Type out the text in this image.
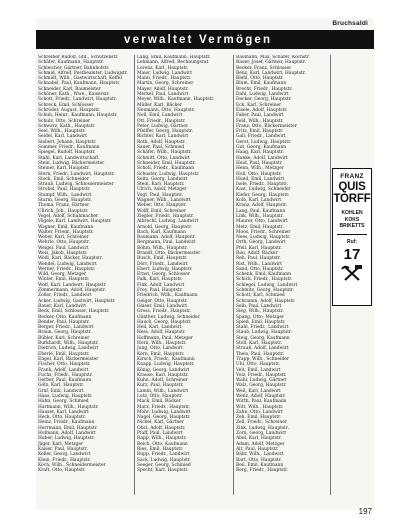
Bruchsaldi
verwaltet Vermögen
Schreiber Rudolf, Gfd., Schützenstr.
Schäfer, Kaufmann, Hauptstr.
Schleicher, Gärtner, Bahnhofstr.
Schmid, Alfred, Postbeamter, Ludwigstr.
Schmidt, Wilh., Gastwirtschaft, Keffel
Schnabel, Paul, Kaufmann, Hauptstr.
Schneider, Karl, Baumeister
Schöner, Kath., Wwe., Kaiserstr.
Schott, Friedr., Landwirt, Hauptstr.
Schreck, Emil, Schlosser
Schröder, August, Hauptstr.
Schuh, Heinr., Kaufmann, Hauptstr.
Schulz, Otto, Schreiner
Schwarz, Kath., Hauptstr.
Seel, Wilh., Hauptstr.
Seidel, Karl, Landwirt
Siebert, Johann, Hauptstr.
Sommer, Friedr., Kaufmann
Spiegel, Rudolf, Hauptstr.
Stahl, Karl, Landwirtschaft
Stein, Ludwig, Bäckermeister
Steiner, Karl, Hauptstr.
Stern, Friedr., Landwirt, Hauptstr.
Stock, Emil, Schneider
Straub, Ludwig, Schlossermeister
Strobel, Paul, Hauptstr.
Stumpf, Wilh., Landwirt
Sturm, Georg, Hauptstr.
Thoma, Franz, Gärtner
Ullrich, Joh., Hauptstr.
Vogel, Adolf, Schuhmacher
Vögele, Karl, Landwirt, Hauptstr.
Wagner, Emil, Kaufmann
Walter, Friedr., Hauptstr.
Weber, Karl, Schreiner
Wehrle, Otto, Hauptstr.
Weigel, Paul, Landwirt
Weis, Jakob, Hauptstr.
Weiß, Karl, Bäcker, Hauptstr.
Wendel, Ludwig, Landwirt
Werner, Friedr., Hauptstr.
Wild, Georg, Metzger
Winter, Emil, Hauptstr.
Wolf, Karl, Landwirt, Hauptstr.
Zimmermann, Adolf, Hauptstr.
Zoller, Friedr., Landwirt
Acker, Ludwig, Gastwirt, Hauptstr.
Bauer, Karl, Landwirt
Beck, Emil, Schlosser, Hauptstr.
Becker, Otto, Kaufmann
Bender, Paul, Hauptstr.
Berger, Friedr., Landwirt
Braun, Georg, Hauptstr.
Bühler, Karl, Schreiner
Burkhardt, Wilh., Hauptstr.
Dietrich, Ludwig, Landwirt
Eberle, Emil, Hauptstr.
Engel, Karl, Bäckermeister
Fischer, Otto, Hauptstr.
Frank, Adolf, Landwirt
Fuchs, Friedr., Hauptstr.
Gerber, Paul, Kaufmann
Götz, Karl, Hauptstr.
Graf, Emil, Landwirt
Haas, Ludwig, Hauptstr.
Hahn, Georg, Schmied
Hartmann, Wilh., Hauptstr.
Hauser, Karl, Landwirt
Heck, Otto, Hauptstr.
Heinz, Friedr., Kaufmann
Herrmann, Emil, Hauptstr.
Hofmann, Adolf, Landwirt
Huber, Ludwig, Hauptstr.
Jäger, Karl, Metzger
Kaiser, Paul, Hauptstr.
Keller, Georg, Landwirt
Klein, Friedr., Hauptstr.
Koch, Wilh., Schneidermeister
Kraft, Otto, Hauptstr.
Lang, Emil, Kaufmann, Hauptstr.
Lehmann, Alfred, Rechnungsrat
Lorenz, Karl, Hauptstr.
Maier, Ludwig, Landwirt
Mann, Friedr., Hauptstr.
Martin, Georg, Schreiner
Mayer, Adolf, Hauptstr.
Merkel, Paul, Landwirt
Meyer, Wilh., Kaufmann, Hauptstr.
Müller, Karl, Bäcker
Neumann, Otto, Hauptstr.
Noll, Emil, Landwirt
Ott, Friedr., Hauptstr.
Peter, Ludwig, Gärtner
Pfeiffer, Georg, Hauptstr.
Richter, Karl, Landwirt
Roth, Adolf, Hauptstr.
Sauer, Paul, Schmied
Schäfer, Wilh., Hauptstr.
Schmitt, Otto, Landwirt
Schneider, Emil, Hauptstr.
Scholl, Friedr., Kaufmann
Schuster, Ludwig, Hauptstr.
Seitz, Georg, Landwirt
Stein, Karl, Hauptstr.
Ulrich, Adolf, Metzger
Vogt, Paul, Hauptstr.
Wagner, Wilh., Landwirt
Weber, Otto, Hauptstr.
Wolff, Emil, Schreiner
Ziegler, Friedr., Hauptstr.
Albrecht, Ludwig, Landwirt
Arnold, Georg, Hauptstr.
Bach, Karl, Kaufmann
Baumann, Adolf, Hauptstr.
Bergmann, Paul, Landwirt
Böhm, Wilh., Hauptstr.
Brandt, Otto, Bäckermeister
Busch, Emil, Hauptstr.
Dörr, Friedr., Landwirt
Ebert, Ludwig, Hauptstr.
Ernst, Georg, Schlosser
Falk, Karl, Hauptstr.
Fink, Adolf, Landwirt
Frey, Paul, Hauptstr.
Friedrich, Wilh., Kaufmann
Geiger, Otto, Hauptstr.
Glaser, Emil, Landwirt
Gross, Friedr., Hauptstr.
Günther, Ludwig, Schneider
Hauck, Georg, Hauptstr.
Heil, Karl, Landwirt
Hess, Adolf, Hauptstr.
Hoffmann, Paul, Metzger
Horn, Wilh., Hauptstr.
Jung, Otto, Landwirt
Kern, Emil, Hauptstr.
Kirsch, Friedr., Kaufmann
Knapp, Ludwig, Hauptstr.
König, Georg, Landwirt
Krause, Karl, Hauptstr.
Kuhn, Adolf, Schreiner
Kurz, Paul, Hauptstr.
Lamm, Wilh., Landwirt
Lutz, Otto, Hauptstr.
Mack, Emil, Bäcker
Marx, Friedr., Hauptstr.
Mohr, Ludwig, Landwirt
Nagel, Georg, Hauptstr.
Nickel, Karl, Gärtner
Obst, Adolf, Hauptstr.
Pfaff, Paul, Landwirt
Rapp, Wilh., Hauptstr.
Reich, Otto, Kaufmann
Ries, Emil, Hauptstr.
Rupp, Friedr., Landwirt
Sack, Ludwig, Hauptstr.
Seeger, Georg, Schmied
Specht, Karl, Hauptstr.
Baumann, Max, Schäfer, Kochstr.
Bauer, Josef, Gärtner, Hauptstr.
Becker, Franz, Schlosser
Benz, Karl, Landwirt, Hauptstr.
Biehl, Otto, Hauptstr.
Blum, Emil, Kaufmann
Brecht, Friedr., Hauptstr.
Dahl, Ludwig, Landwirt
Decker, Georg, Hauptstr.
Eck, Karl, Schreiner
Eisele, Adolf, Hauptstr.
Faber, Paul, Landwirt
Feld, Wilh., Hauptstr.
Franz, Otto, Bäckermeister
Fritz, Emil, Hauptstr.
Gall, Friedr., Landwirt
Gerst, Ludwig, Hauptstr.
Gut, Georg, Kaufmann
Haag, Karl, Hauptstr.
Hanke, Adolf, Landwirt
Heid, Paul, Hauptstr.
Henn, Wilh., Metzger
Holl, Otto, Hauptstr.
Hund, Emil, Landwirt
Isele, Friedr., Hauptstr.
Kast, Ludwig, Schneider
Kiefer, Georg, Hauptstr.
Kolb, Karl, Landwirt
Kranz, Adolf, Hauptstr.
Lang, Paul, Kaufmann
Link, Wilh., Hauptstr.
Maurer, Otto, Landwirt
Metz, Emil, Hauptstr.
Moos, Friedr., Schreiner
Nees, Ludwig, Hauptstr.
Orth, Georg, Landwirt
Pfeil, Karl, Hauptstr.
Rau, Adolf, Bäcker
Reh, Paul, Hauptstr.
Rist, Wilh., Landwirt
Sand, Otto, Hauptstr.
Schenk, Emil, Kaufmann
Schick, Friedr., Hauptstr.
Schlegel, Ludwig, Landwirt
Schmitz, Georg, Hauptstr.
Schott, Karl, Schmied
Schramm, Adolf, Hauptstr.
Seib, Paul, Landwirt
Sieg, Wilh., Hauptstr.
Spang, Otto, Metzger
Spieß, Emil, Hauptstr.
Stahl, Friedr., Landwirt
Staub, Ludwig, Hauptstr.
Steig, Georg, Kaufmann
Stoll, Karl, Hauptstr.
Strauß, Adolf, Landwirt
Theis, Paul, Hauptstr.
Trapp, Wilh., Schneider
Uhl, Otto, Hauptstr.
Veit, Emil, Landwirt
Volz, Friedr., Hauptstr.
Wahl, Ludwig, Gärtner
Walz, Georg, Hauptstr.
Weil, Karl, Landwirt
Wenz, Adolf, Hauptstr.
Wirth, Paul, Kaufmann
Witt, Wilh., Hauptstr.
Zahn, Otto, Landwirt
Zeh, Emil, Hauptstr.
Zell, Friedr., Schreiner
Zink, Ludwig, Hauptstr.
Zorn, Georg, Landwirt
Abel, Karl, Hauptstr.
Adam, Adolf, Metzger
Alt, Paul, Hauptstr.
Bähr, Wilh., Landwirt
Bart, Otto, Hauptstr.
Beil, Emil, Kaufmann
Berg, Friedr., Hauptstr.
FRANZ
QUIS
TORFF
KOHLEN
KOKS
BRIKETTS
Ruf:
17
197
